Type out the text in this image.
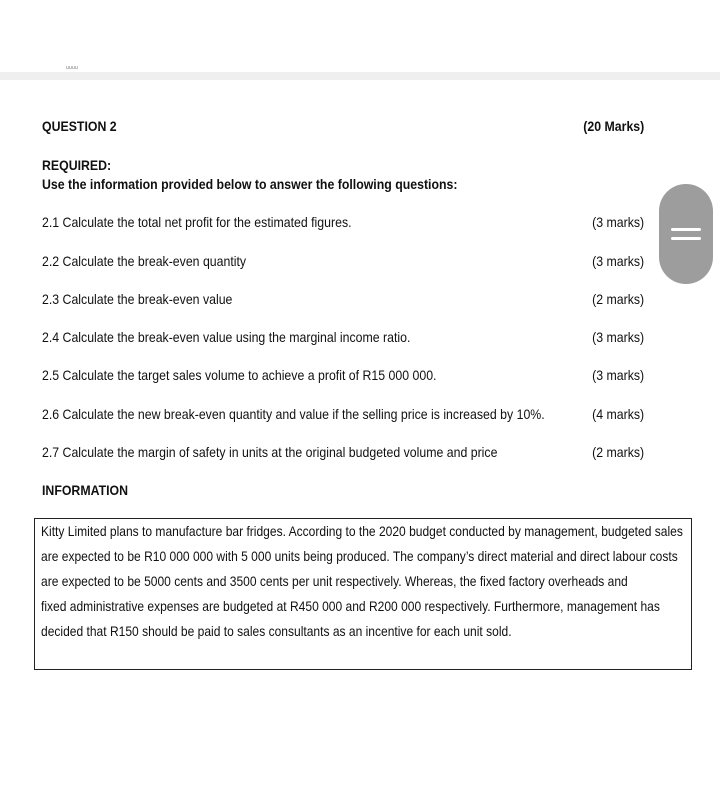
uuuu
QUESTION 2	(20 Marks)
REQUIRED:
Use the information provided below to answer the following questions:
2.1 Calculate the total net profit for the estimated figures.	(3 marks)
2.2 Calculate the break-even quantity	(3 marks)
2.3 Calculate the break-even value	(2 marks)
2.4 Calculate the break-even value using the marginal income ratio.	(3 marks)
2.5 Calculate the target sales volume to achieve a profit of R15 000 000.	(3 marks)
2.6 Calculate the new break-even quantity and value if the selling price is increased by 10%.	(4 marks)
2.7 Calculate the margin of safety in units at the original budgeted volume and price	(2 marks)
INFORMATION
Kitty Limited plans to manufacture bar fridges. According to the 2020 budget conducted by management, budgeted sales
are expected to be R10 000 000 with 5 000 units being produced. The company’s direct material and direct labour costs
are expected to be 5000 cents and 3500 cents per unit respectively. Whereas, the fixed factory overheads and
fixed administrative expenses are budgeted at R450 000 and R200 000 respectively. Furthermore, management has
decided that R150 should be paid to sales consultants as an incentive for each unit sold.
